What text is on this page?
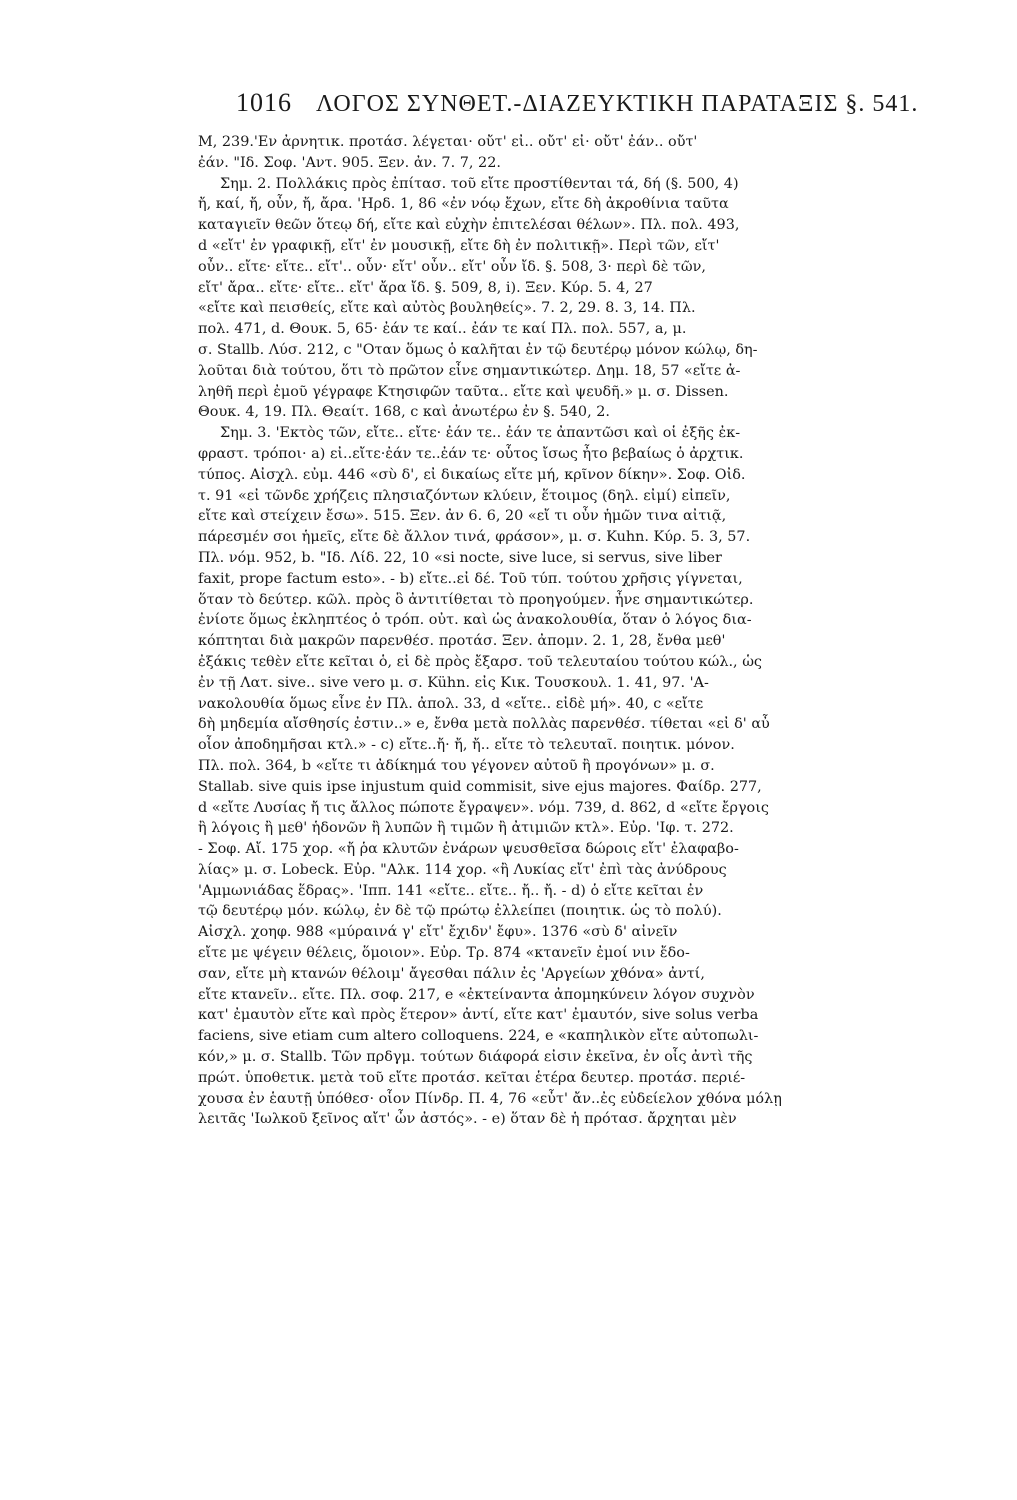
1016 ΛΟΓΟΣ ΣΥΝΘΕΤ.-ΔΙΑΖΕΥΚΤΙΚΗ ΠΑΡΑΤΑΞΙΣ §. 541.
M, 239.'Εν ἀρνητικ. προτάσ. λέγεται· οὔτ' εἰ.. οὔτ' εἰ· οὔτ' ἐάν.. οὔτ'
ἐάν. "Ιδ. Σοφ. 'Αντ. 905. Ξεν. ἀν. 7. 7, 22.
Σημ. 2. Πολλάκις πρὸς ἐπίτασ. τοῦ εἴτε προστίθενται τά, δή (§. 500, 4)
ἤ, καί, ἤ, οὖν, ἤ, ἄρα. 'Ηρδ. 1, 86 «ἐν νόῳ ἔχων, εἴτε δὴ ἀκροθίνια ταῦτα
καταγιεῖν θεῶν ὅτεῳ δή, εἴτε καὶ εὐχὴν ἐπιτελέσαι θέλων». Πλ. πολ. 493,
d «εἴτ' ἐν γραφικῇ, εἴτ' ἐν μουσικῇ, εἴτε δὴ ἐν πολιτικῇ». Περὶ τῶν, εἴτ'
οὖν.. εἴτε· εἴτε.. εἴτ'.. οὖν· εἴτ' οὖν.. εἴτ' οὖν ἴδ. §. 508, 3· περὶ δὲ τῶν,
εἴτ' ἄρα.. εἴτε· εἴτε.. εἴτ' ἄρα ἴδ. §. 509, 8, i). Ξεν. Κύρ. 5. 4, 27
«εἴτε καὶ πεισθείς, εἴτε καὶ αὐτὸς βουληθείς». 7. 2, 29. 8. 3, 14. Πλ.
πολ. 471, d. Θουκ. 5, 65· ἐάν τε καί.. ἐάν τε καί Πλ. πολ. 557, a, μ.
σ. Stallb. Λύσ. 212, c "Οταν ὅμως ὁ καλῆται ἐν τῷ δευτέρῳ μόνον κώλῳ, δη-
λοῦται διὰ τούτου, ὅτι τὸ πρῶτον εἶνε σημαντικώτερ. Δημ. 18, 57 «εἴτε ἀ-
ληθῆ περὶ ἐμοῦ γέγραφε Κτησιφῶν ταῦτα.. εἴτε καὶ ψευδῆ.» μ. σ. Dissen.
Θουκ. 4, 19. Πλ. Θεαίτ. 168, c καὶ ἀνωτέρω ἐν §. 540, 2.
Σημ. 3. 'Εκτὸς τῶν, εἴτε.. εἴτε· ἐάν τε.. ἐάν τε ἀπαντῶσι καὶ οἱ ἐξῆς ἐκ-
φραστ. τρόποι· a) εἰ..εἴτε·ἐάν τε..ἐάν τε· οὗτος ἴσως ἦτο βεβαίως ὁ ἀρχτικ.
τύπος. Αἰσχλ. εὐμ. 446 «σὺ δ', εἰ δικαίως εἴτε μή, κρῖνον δίκην». Σοφ. Οἰδ.
τ. 91 «εἰ τῶνδε χρήζεις πλησιαζόντων κλύειν, ἕτοιμος (δηλ. εἰμί) εἰπεῖν,
εἴτε καὶ στείχειν ἔσω». 515. Ξεν. ἀν 6. 6, 20 «εἴ τι οὖν ἡμῶν τινα αἰτιᾷ,
πάρεσμέν σοι ἡμεῖς, εἴτε δὲ ἄλλον τινά, φράσον», μ. σ. Kuhn. Κύρ. 5. 3, 57.
Πλ. νόμ. 952, b. "Ιδ. Λίδ. 22, 10 «si nocte, sive luce, si servus, sive liber
faxit, prope factum esto». - b) εἴτε..εἰ δέ. Τοῦ τύπ. τούτου χρῆσις γίγνεται,
ὅταν τὸ δεύτερ. κῶλ. πρὸς ὃ ἀντιτίθεται τὸ προηγούμεν. ἦνε σημαντικώτερ.
ἐνίοτε ὅμως ἐκληπτέος ὁ τρόπ. οὐτ. καὶ ὡς ἀνακολουθία, ὅταν ὁ λόγος δια-
κόπτηται διὰ μακρῶν παρενθέσ. προτάσ. Ξεν. ἀπομν. 2. 1, 28, ἔνθα μεθ'
ἐξάκις τεθὲν εἴτε κεῖται ὁ, εἰ δὲ πρὸς ἔξαρσ. τοῦ τελευταίου τούτου κώλ., ὡς
ἐν τῇ Λατ. sive.. sive vero μ. σ. Kühn. εἰς Κικ. Τουσκουλ. 1. 41, 97. 'Α-
νακολουθία ὅμως εἶνε ἐν Πλ. ἀπολ. 33, d «εἴτε.. εἰδὲ μή». 40, c «εἴτε
δὴ μηδεμία αἴσθησίς ἐστιν..» e, ἔνθα μετὰ πολλὰς παρενθέσ. τίθεται «εἰ δ' αὖ
οἷον ἀποδημῆσαι κτλ.» - c) εἴτε..ἤ· ἤ, ἤ.. εἴτε τὸ τελευταῖ. ποιητικ. μόνον.
Πλ. πολ. 364, b «εἴτε τι ἀδίκημά του γέγονεν αὐτοῦ ἢ προγόνων» μ. σ.
Stallab. sive quis ipse injustum quid commisit, sive ejus majores. Φαίδρ. 277,
d «εἴτε Λυσίας ἤ τις ἄλλος πώποτε ἔγραψεν». νόμ. 739, d. 862, d «εἴτε ἔργοις
ἢ λόγοις ἢ μεθ' ἡδονῶν ἢ λυπῶν ἢ τιμῶν ἢ ἀτιμιῶν κτλ». Εὐρ. 'Ιφ. τ. 272.
- Σοφ. Αἴ. 175 χορ. «ἤ ῥα κλυτῶν ἐνάρων ψευσθεῖσα δώροις εἴτ' ἐλαφαβο-
λίας» μ. σ. Lobeck. Εὐρ. "Αλκ. 114 χορ. «ἢ Λυκίας εἴτ' ἐπὶ τὰς ἀνύδρους
'Αμμωνιάδας ἕδρας». 'Ιππ. 141 «εἴτε.. εἴτε.. ἤ.. ἤ. - d) ὁ εἴτε κεῖται ἐν
τῷ δευτέρῳ μόν. κώλῳ, ἐν δὲ τῷ πρώτῳ ἐλλείπει (ποιητικ. ὡς τὸ πολύ).
Αἰσχλ. χοηφ. 988 «μύραινά γ' εἴτ' ἔχιδν' ἔφυ». 1376 «σὺ δ' αἰνεῖν
εἴτε με ψέγειν θέλεις, ὅμοιον». Εὐρ. Τρ. 874 «κτανεῖν ἐμοί νιν ἔδο-
σαν, εἴτε μὴ κτανών θέλοιμ' ἄγεσθαι πάλιν ἐς 'Αργείων χθόνα» ἀντί,
εἴτε κτανεῖν.. εἴτε. Πλ. σοφ. 217, e «ἐκτείναντα ἀπομηκύνειν λόγον συχνὸν
κατ' ἐμαυτὸν εἴτε καὶ πρὸς ἕτερον» ἀντί, εἴτε κατ' ἐμαυτόν, sive solus verba
faciens, sive etiam cum altero colloquens. 224, e «καπηλικὸν εἴτε αὐτοπωλι-
κόν,» μ. σ. Stallb. Τῶν πρδγμ. τούτων διάφορά εἰσιν ἐκεῖνα, ἐν οἷς ἀντὶ τῆς
πρώτ. ὑποθετικ. μετὰ τοῦ εἴτε προτάσ. κεῖται ἑτέρα δευτερ. προτάσ. περιέ-
χουσα ἐν ἑαυτῇ ὑπόθεσ· οἷον Πίνδρ. Π. 4, 76 «εὖτ' ἄν..ἐς εὐδείελον χθόνα μόλῃ
λειτᾶς 'Ιωλκοῦ ξεῖνος αἴτ' ὦν ἀστός». - e) ὅταν δὲ ἡ πρότασ. ἄρχηται μὲν
